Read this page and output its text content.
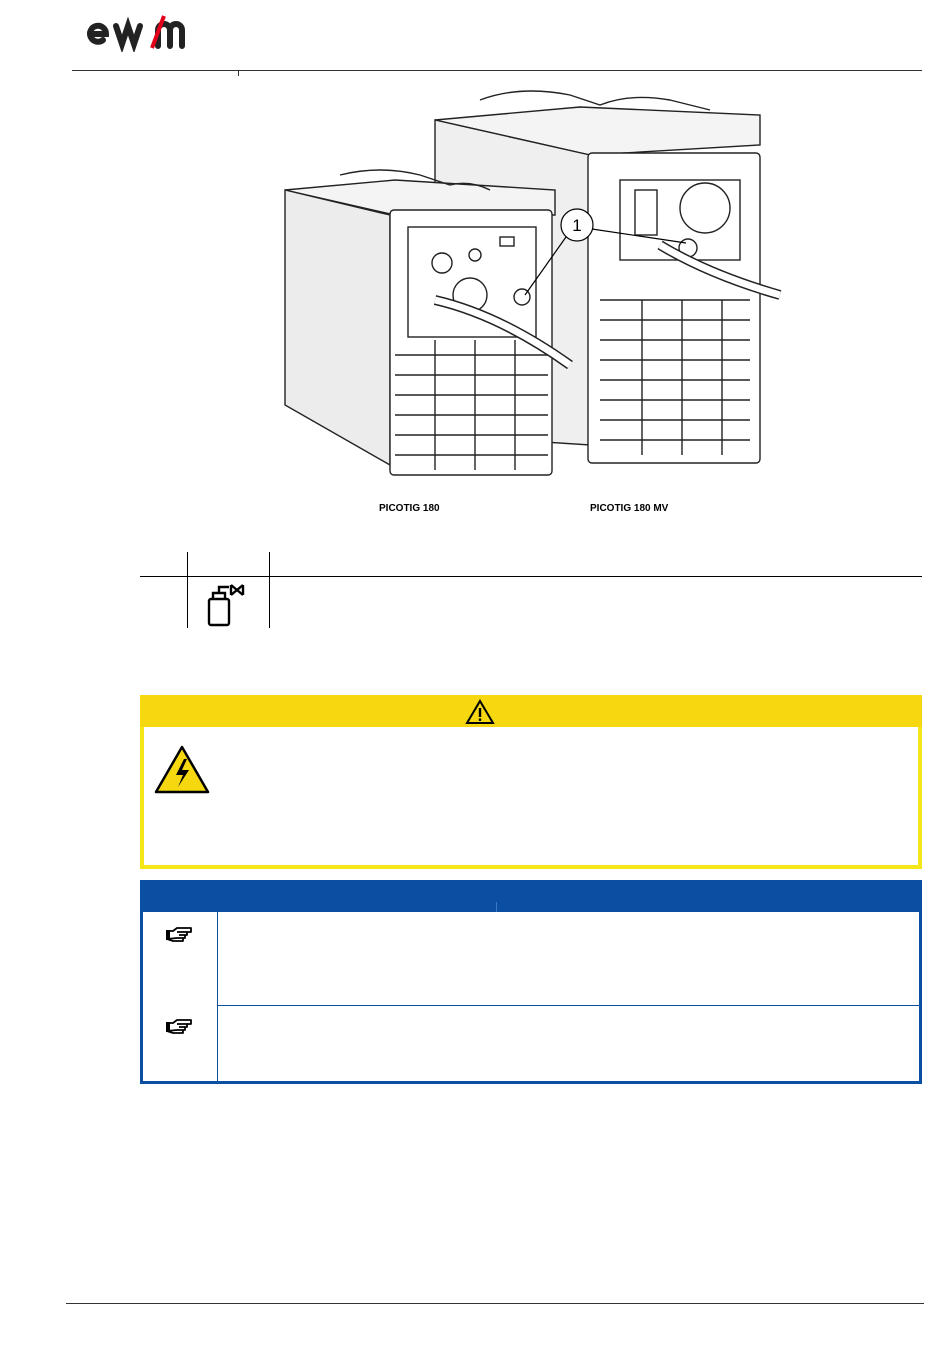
1
PICOTIG 180	PICOTIG 180 MV
